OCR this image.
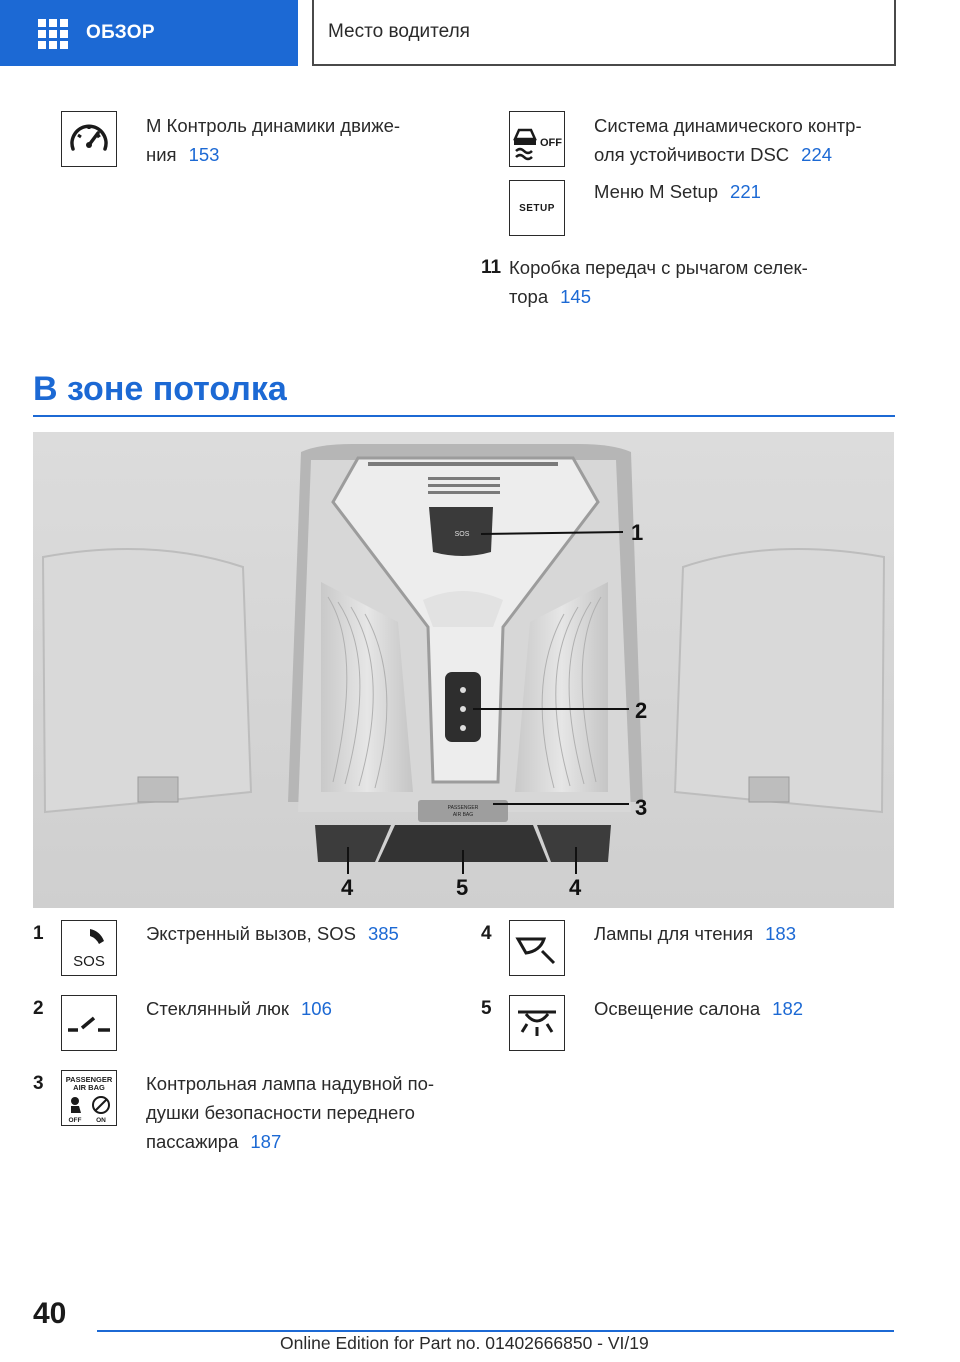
ОБЗОР	Место водителя
M Контроль динамики движе-
ния 153
OFF
Система динамического контр-
оля устойчивости DSC 224
SETUP
Меню M Setup 221
11 Коробка передач с рычагом селек-
тора 145
В зоне потолка
SOS
PASSENGER
AIR BAG
1
2
3
4	5	4
1
SOS
Экстренный вызов, SOS 385
2	Стеклянный люк 106
3	PASSENGER
AIR BAG
OFF ON
Контрольная лампа надувной по-
душки безопасности переднего
пассажира 187
4	Лампы для чтения 183
5	Освещение салона 182
40
Online Edition for Part no. 01402666850 - VI/19
